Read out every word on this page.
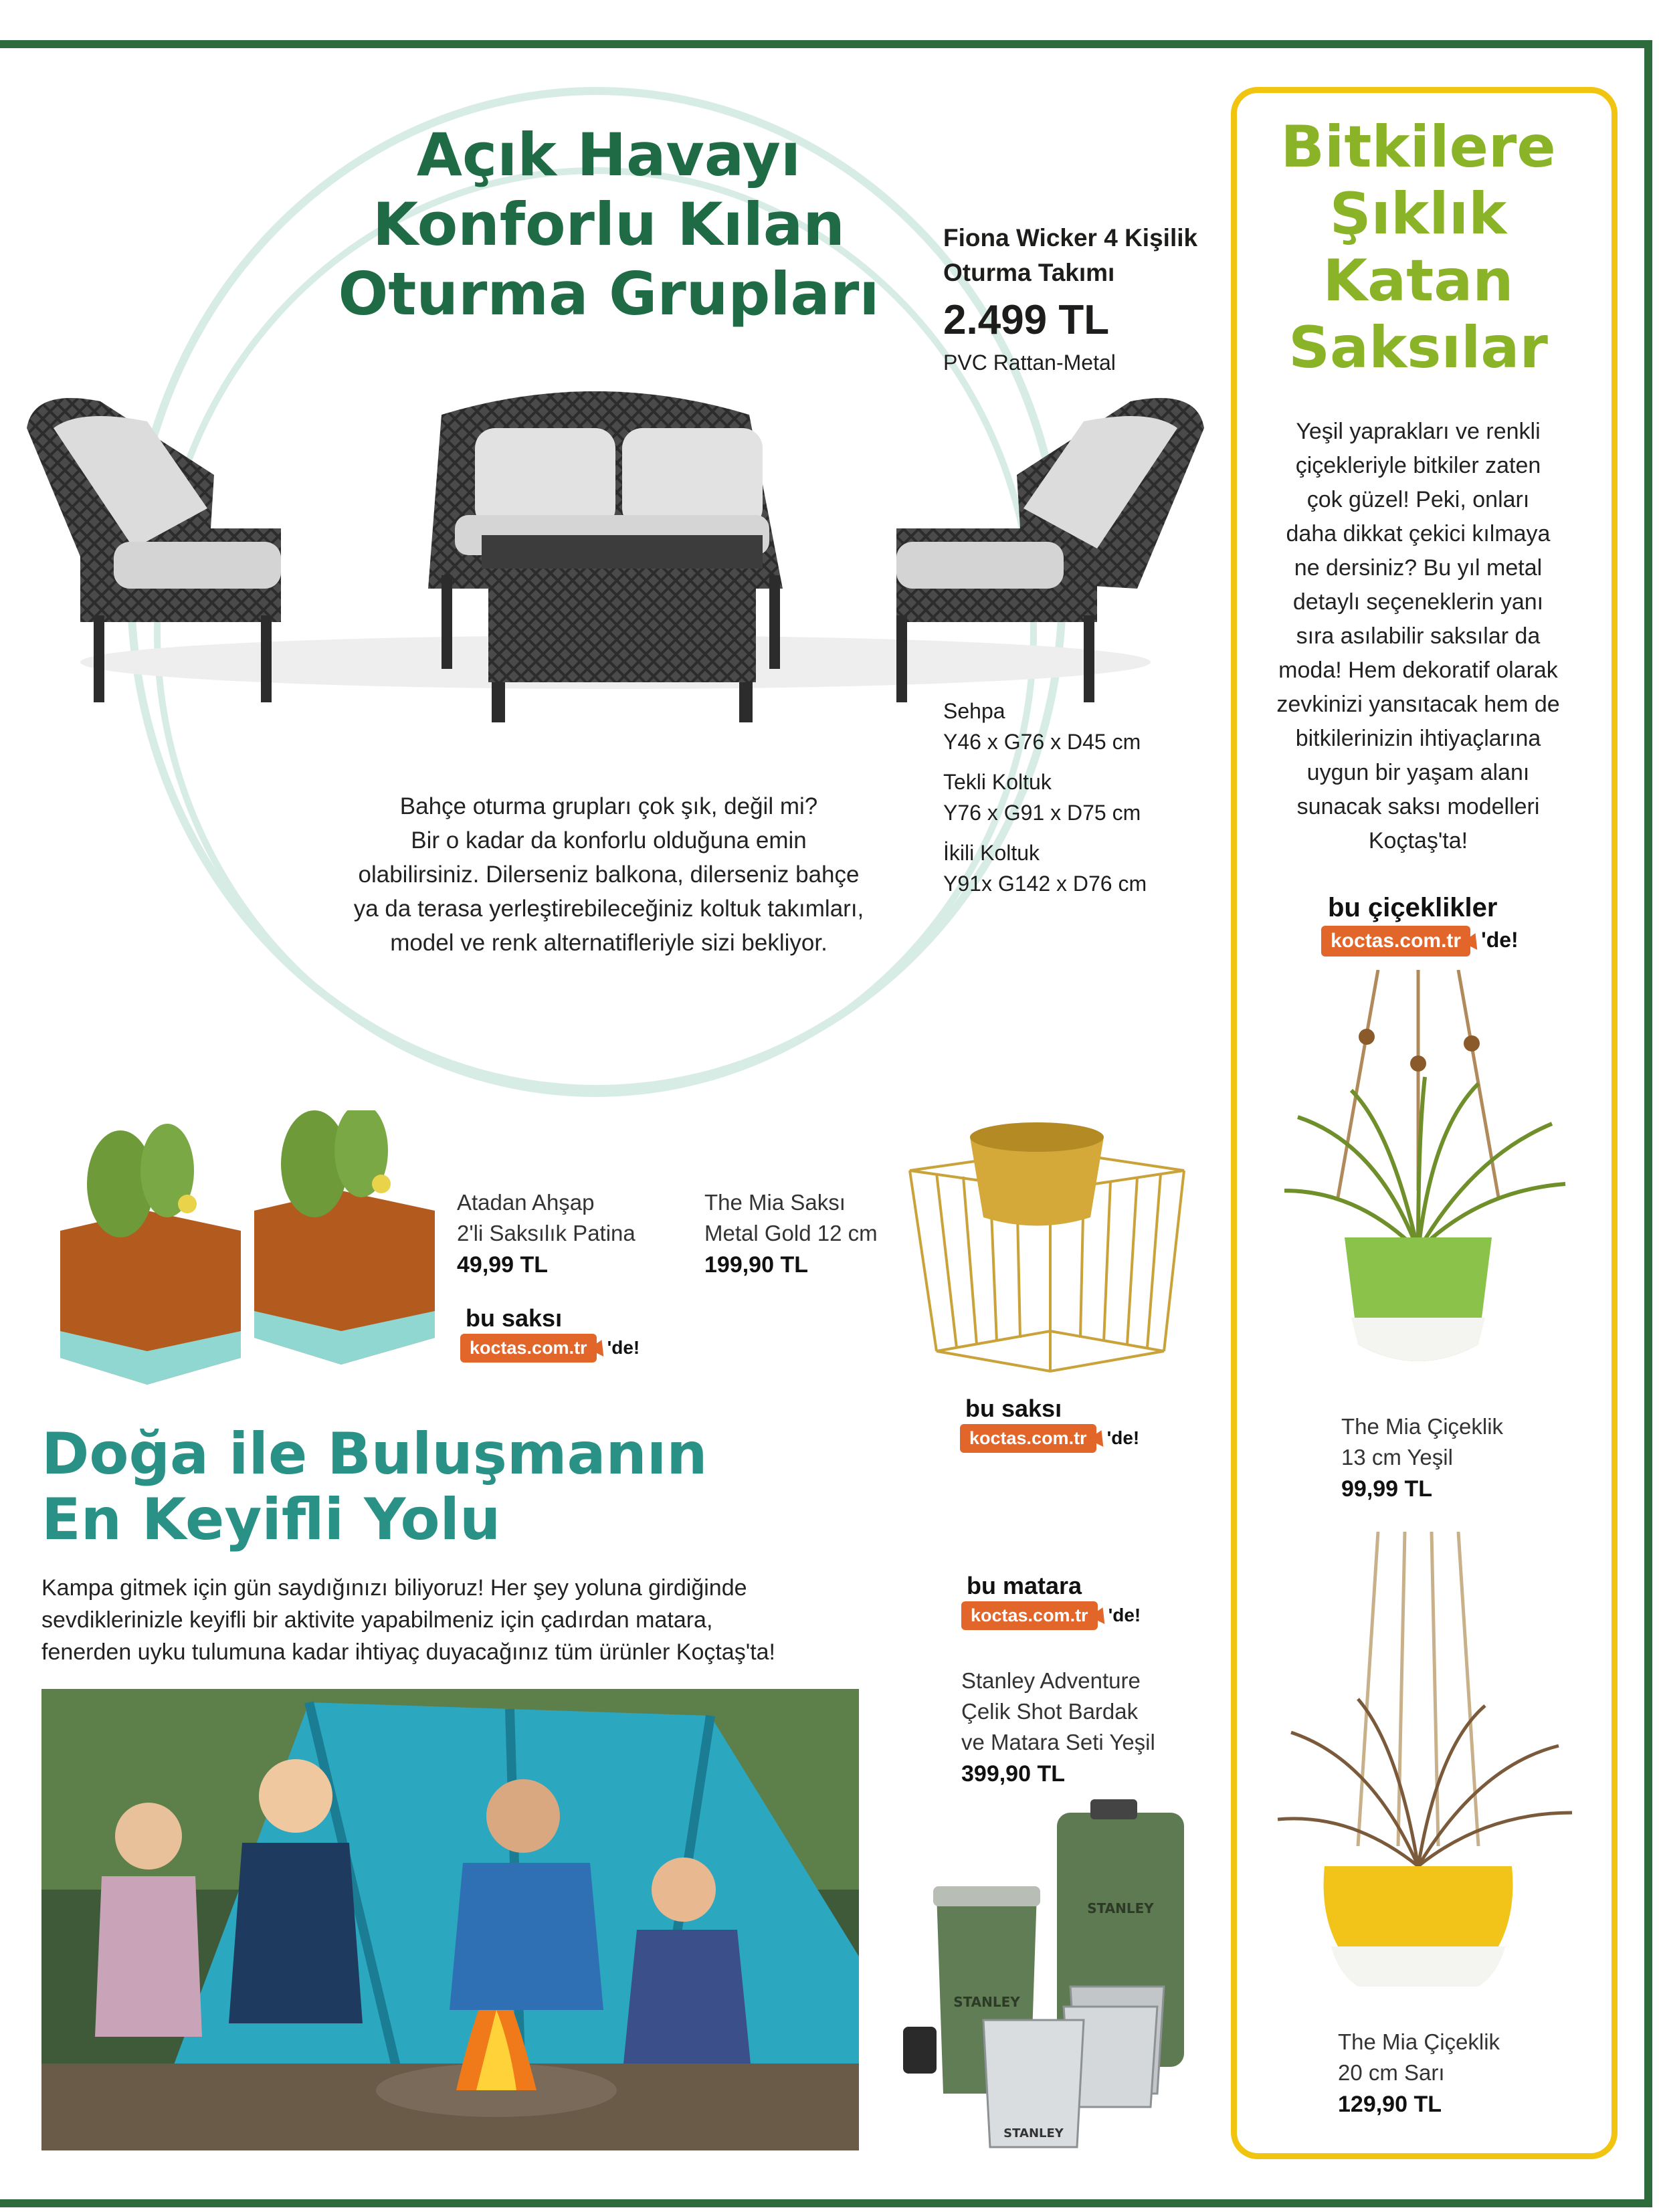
Açık Havayı
Konforlu Kılan
Oturma Grupları
Fiona Wicker 4 Kişilik
Oturma Takımı
2.499 TL
PVC Rattan-Metal
Sehpa
Y46 x G76 x D45 cm
Tekli Koltuk
Y76 x G91 x D75 cm
İkili Koltuk
Y91x G142 x D76 cm
Bahçe oturma grupları çok şık, değil mi?
Bir o kadar da konforlu olduğuna emin
olabilirsiniz. Dilerseniz balkona, dilerseniz bahçe
ya da terasa yerleştirebileceğiniz koltuk takımları,
model ve renk alternatifleriyle sizi bekliyor.
Bitkilere
Şıklık
Katan
Saksılar
Yeşil yaprakları ve renkli
çiçekleriyle bitkiler zaten
çok güzel! Peki, onları
daha dikkat çekici kılmaya
ne dersiniz? Bu yıl metal
detaylı seçeneklerin yanı
sıra asılabilir saksılar da
moda! Hem dekoratif olarak
zevkinizi yansıtacak hem de
bitkilerinizin ihtiyaçlarına
uygun bir yaşam alanı
sunacak saksı modelleri
Koçtaş'ta!
bu çiçeklikler
koctas.com.tr 'de!
The Mia Çiçeklik
13 cm Yeşil
99,99 TL
The Mia Çiçeklik
20 cm Sarı
129,90 TL
Atadan Ahşap
2'li Saksılık Patina
49,99 TL
bu saksı
koctas.com.tr 'de!
The Mia Saksı
Metal Gold 12 cm
199,90 TL
bu saksı
koctas.com.tr 'de!
Doğa ile Buluşmanın
En Keyifli Yolu
Kampa gitmek için gün saydığınızı biliyoruz! Her şey yoluna girdiğinde
sevdiklerinizle keyifli bir aktivite yapabilmeniz için çadırdan matara,
fenerden uyku tulumuna kadar ihtiyaç duyacağınız tüm ürünler Koçtaş'ta!
bu matara
koctas.com.tr 'de!
Stanley Adventure
Çelik Shot Bardak
ve Matara Seti Yeşil
399,90 TL
STANLEY
STANLEY
STANLEY
